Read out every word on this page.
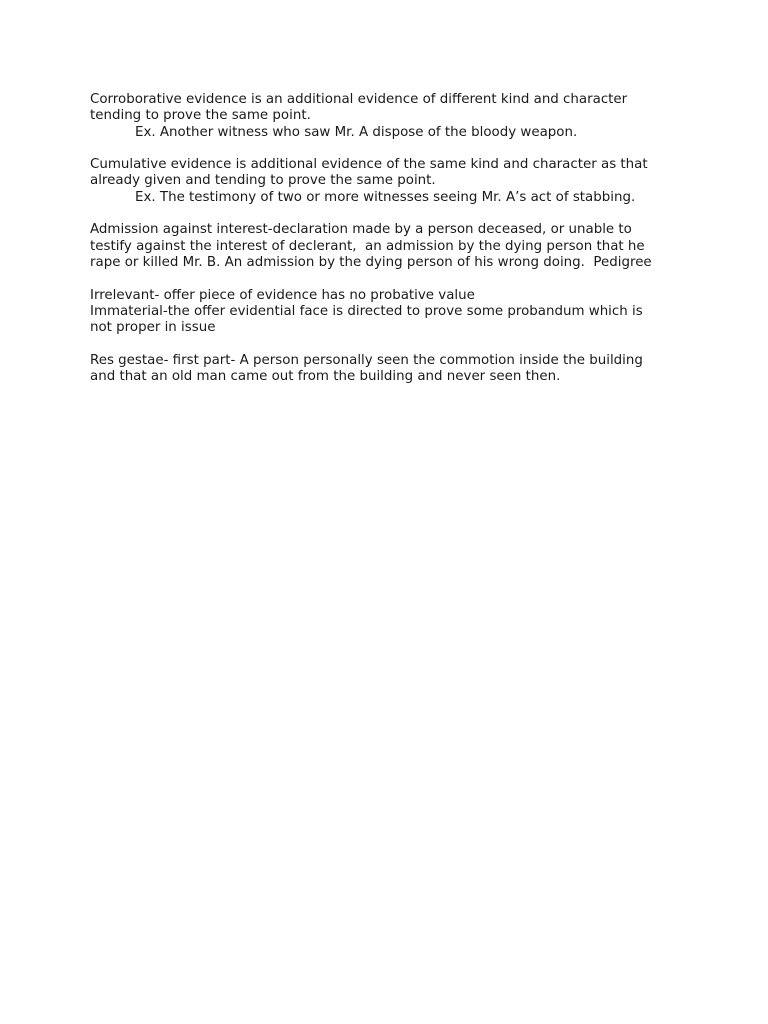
Corroborative evidence is an additional evidence of different kind and character
tending to prove the same point.
Ex. Another witness who saw Mr. A dispose of the bloody weapon.
Cumulative evidence is additional evidence of the same kind and character as that
already given and tending to prove the same point.
Ex. The testimony of two or more witnesses seeing Mr. A’s act of stabbing.
Admission against interest-declaration made by a person deceased, or unable to
testify against the interest of declerant,  an admission by the dying person that he
rape or killed Mr. B. An admission by the dying person of his wrong doing.  Pedigree
Irrelevant- offer piece of evidence has no probative value
Immaterial-the offer evidential face is directed to prove some probandum which is
not proper in issue
Res gestae- first part- A person personally seen the commotion inside the building
and that an old man came out from the building and never seen then.
